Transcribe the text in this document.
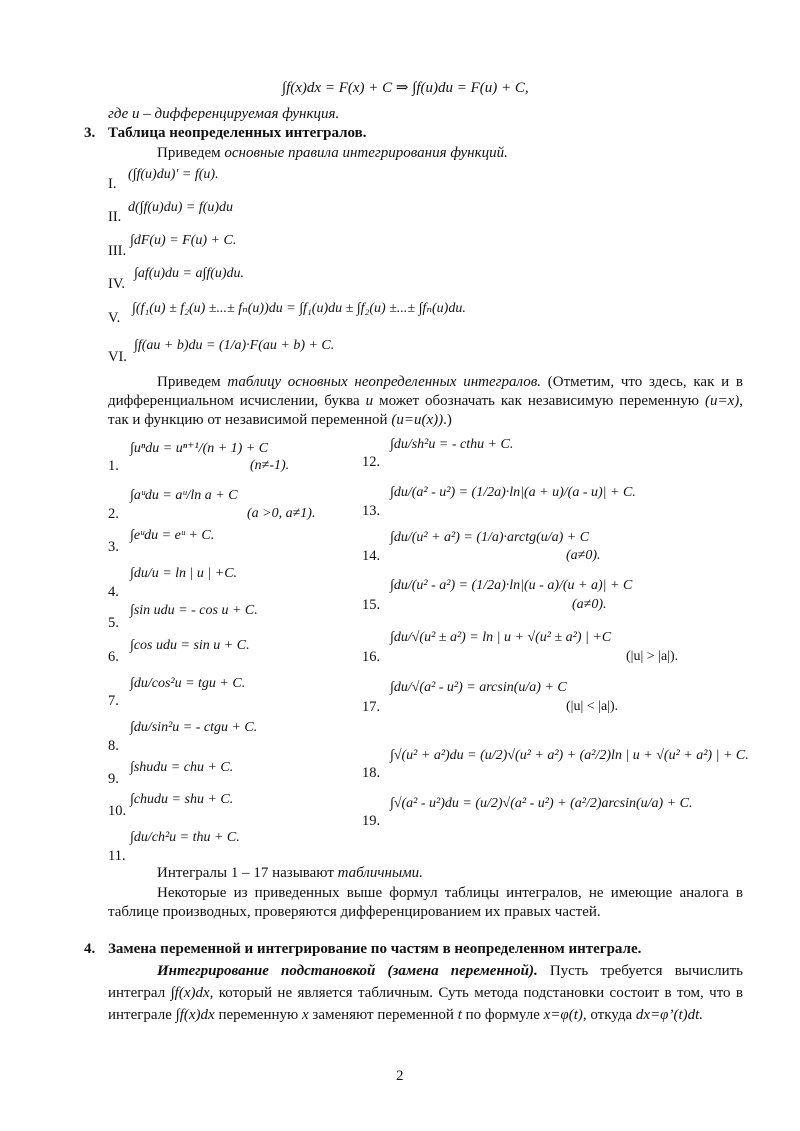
∫f(x)dx = F(x) + C ⇒ ∫f(u)du = F(u) + C,
где u – дифференцируемая функция.
3. Таблица неопределенных интегралов.
Приведем основные правила интегрирования функций.
I.
(∫f(u)du)′ = f(u).
II.
d(∫f(u)du) = f(u)du
III.
∫dF(u) = F(u) + C.
IV.
∫af(u)du = a∫f(u)du.
V.
∫(f₁(u) ± f₂(u) ±...± fₙ(u))du = ∫f₁(u)du ± ∫f₂(u) ±...± ∫fₙ(u)du.
VI.
∫f(au + b)du = (1/a)·F(au + b) + C.
Приведем таблицу основных неопределенных интегралов. (Отметим, что здесь, как и в дифференциальном исчислении, буква u может обозначать как независимую переменную (u=x), так и функцию от независимой переменной (u=u(x)).)
1.
∫uⁿdu = uⁿ⁺¹/(n + 1) + C
(n≠-1).
2.
∫aᵘdu = aᵘ/ln a + C
(a >0, a≠1).
3.
∫eᵘdu = eᵘ + C.
4.
∫du/u = ln | u | +C.
5.
∫sin udu = - cos u + C.
6.
∫cos udu = sin u + C.
7.
∫du/cos²u = tgu + C.
8.
∫du/sin²u = - ctgu + C.
9.
∫shudu = chu + C.
10.
∫chudu = shu + C.
11.
∫du/ch²u = thu + C.
12.
∫du/sh²u = - cthu + C.
13.
∫du/(a² - u²) = (1/2a)·ln|(a + u)/(a - u)| + C.
14.
∫du/(u² + a²) = (1/a)·arctg(u/a) + C
(a≠0).
15.
∫du/(u² - a²) = (1/2a)·ln|(u - a)/(u + a)| + C
(a≠0).
16.
∫du/√(u² ± a²) = ln | u + √(u² ± a²) | +C
(|u| > |a|).
17.
∫du/√(a² - u²) = arcsin(u/a) + C
(|u| < |a|).
18.
∫√(u² + a²)du = (u/2)√(u² + a²) + (a²/2)ln | u + √(u² + a²) | + C.
19.
∫√(a² - u²)du = (u/2)√(a² - u²) + (a²/2)arcsin(u/a) + C.
Интегралы 1 – 17 называют табличными.
Некоторые из приведенных выше формул таблицы интегралов, не имеющие аналога в таблице производных, проверяются дифференцированием их правых частей.
4. Замена переменной и интегрирование по частям в неопределенном интеграле.
Интегрирование подстановкой (замена переменной). Пусть требуется вычислить интеграл ∫f(x)dx, который не является табличным. Суть метода подстановки состоит в том, что в интеграле ∫f(x)dx переменную x заменяют переменной t по формуле x=φ(t), откуда dx=φ’(t)dt.
2
